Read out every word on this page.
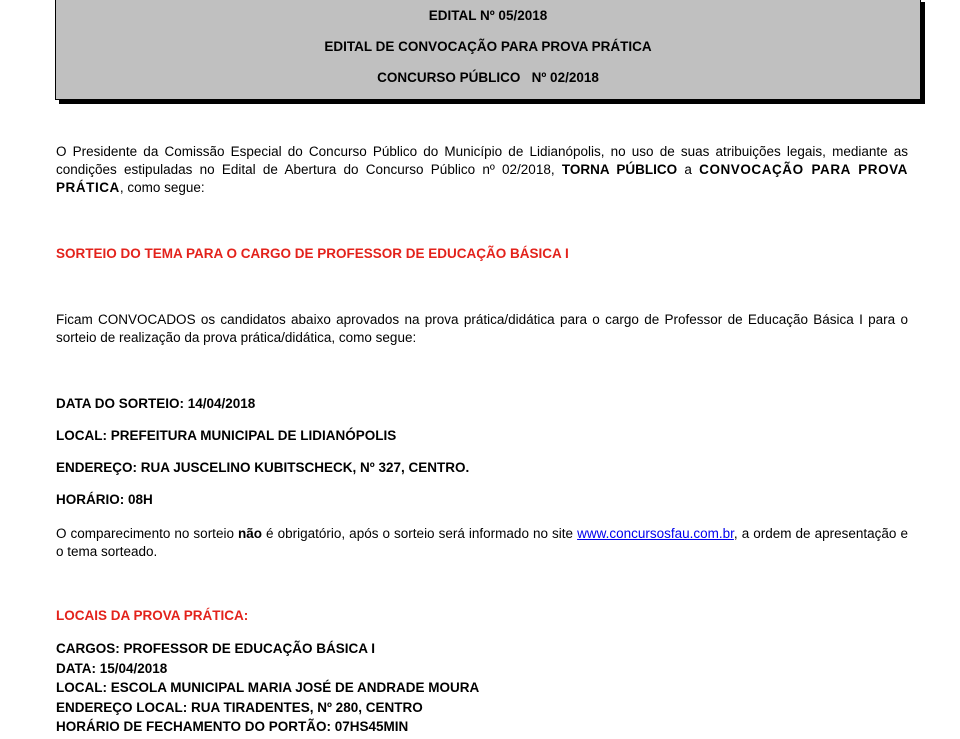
EDITAL Nº 05/2018
EDITAL DE CONVOCAÇÃO PARA PROVA PRÁTICA
CONCURSO PÚBLICO   Nº 02/2018
O Presidente da Comissão Especial do Concurso Público do Município de Lidianópolis, no uso de suas atribuições legais, mediante as condições estipuladas no Edital de Abertura do Concurso Público nº 02/2018, TORNA PÚBLICO a CONVOCAÇÃO PARA PROVA PRÁTICA, como segue:
SORTEIO DO TEMA PARA O CARGO DE PROFESSOR DE EDUCAÇÃO BÁSICA I
Ficam CONVOCADOS os candidatos abaixo aprovados na prova prática/didática para o cargo de Professor de Educação Básica I para o sorteio de realização da prova prática/didática, como segue:
DATA DO SORTEIO: 14/04/2018
LOCAL: PREFEITURA MUNICIPAL DE LIDIANÓPOLIS
ENDEREÇO: RUA JUSCELINO KUBITSCHECK, Nº 327, CENTRO.
HORÁRIO: 08H
O comparecimento no sorteio não é obrigatório, após o sorteio será informado no site www.concursosfau.com.br, a ordem de apresentação e o tema sorteado.
LOCAIS DA PROVA PRÁTICA:
CARGOS: PROFESSOR DE EDUCAÇÃO BÁSICA I
DATA: 15/04/2018
LOCAL: ESCOLA MUNICIPAL MARIA JOSÉ DE ANDRADE MOURA
ENDEREÇO LOCAL: RUA TIRADENTES, Nº 280, CENTRO
HORÁRIO DE FECHAMENTO DO PORTÃO: 07HS45MIN
